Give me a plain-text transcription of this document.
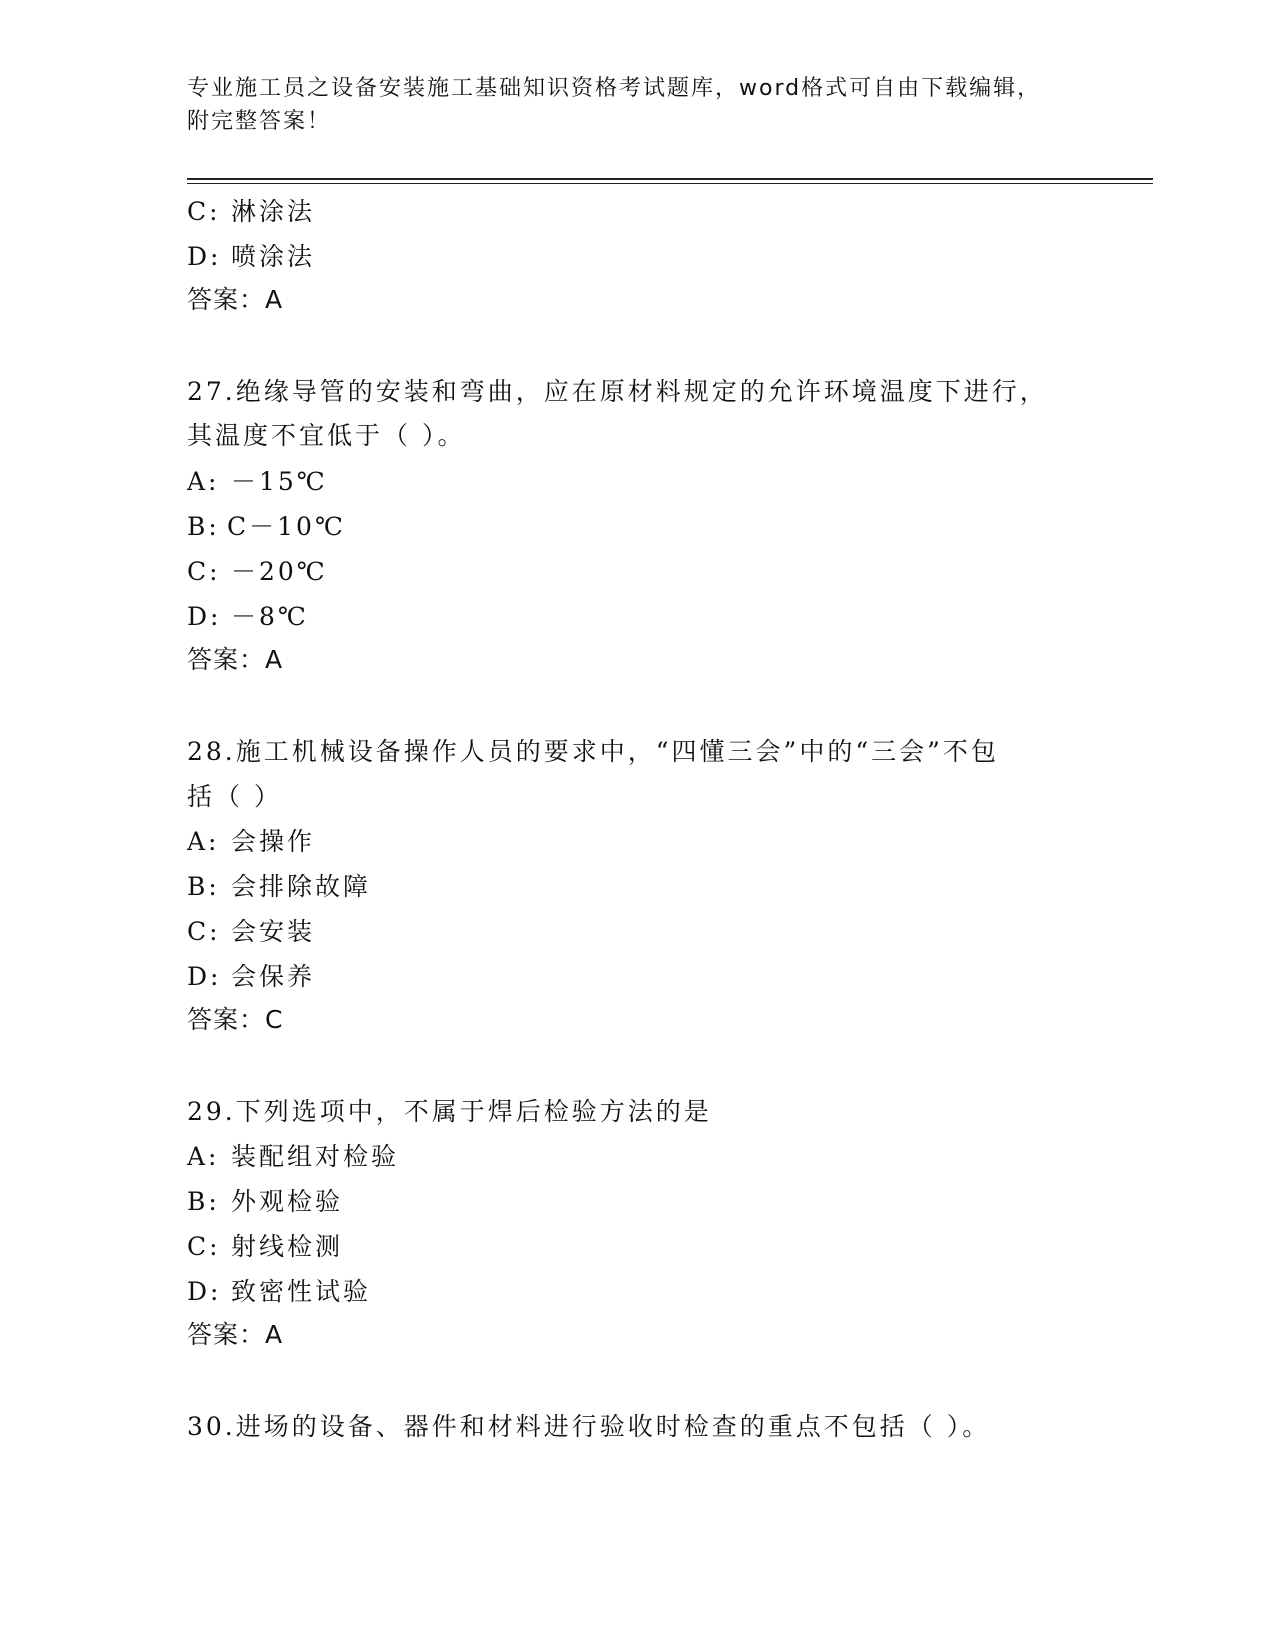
专业施工员之设备安装施工基础知识资格考试题库，word格式可自由下载编辑，
附完整答案！
C: 淋涂法
D: 喷涂法
答案：A
27.绝缘导管的安装和弯曲，应在原材料规定的允许环境温度下进行，
其温度不宜低于（ ）。
A: －15℃
B: C－10℃
C: －20℃
D: －8℃
答案：A
28.施工机械设备操作人员的要求中，“四懂三会”中的“三会”不包
括（ ）
A: 会操作
B: 会排除故障
C: 会安装
D: 会保养
答案：C
29.下列选项中，不属于焊后检验方法的是
A: 装配组对检验
B: 外观检验
C: 射线检测
D: 致密性试验
答案：A
30.进场的设备、器件和材料进行验收时检查的重点不包括（ ）。
